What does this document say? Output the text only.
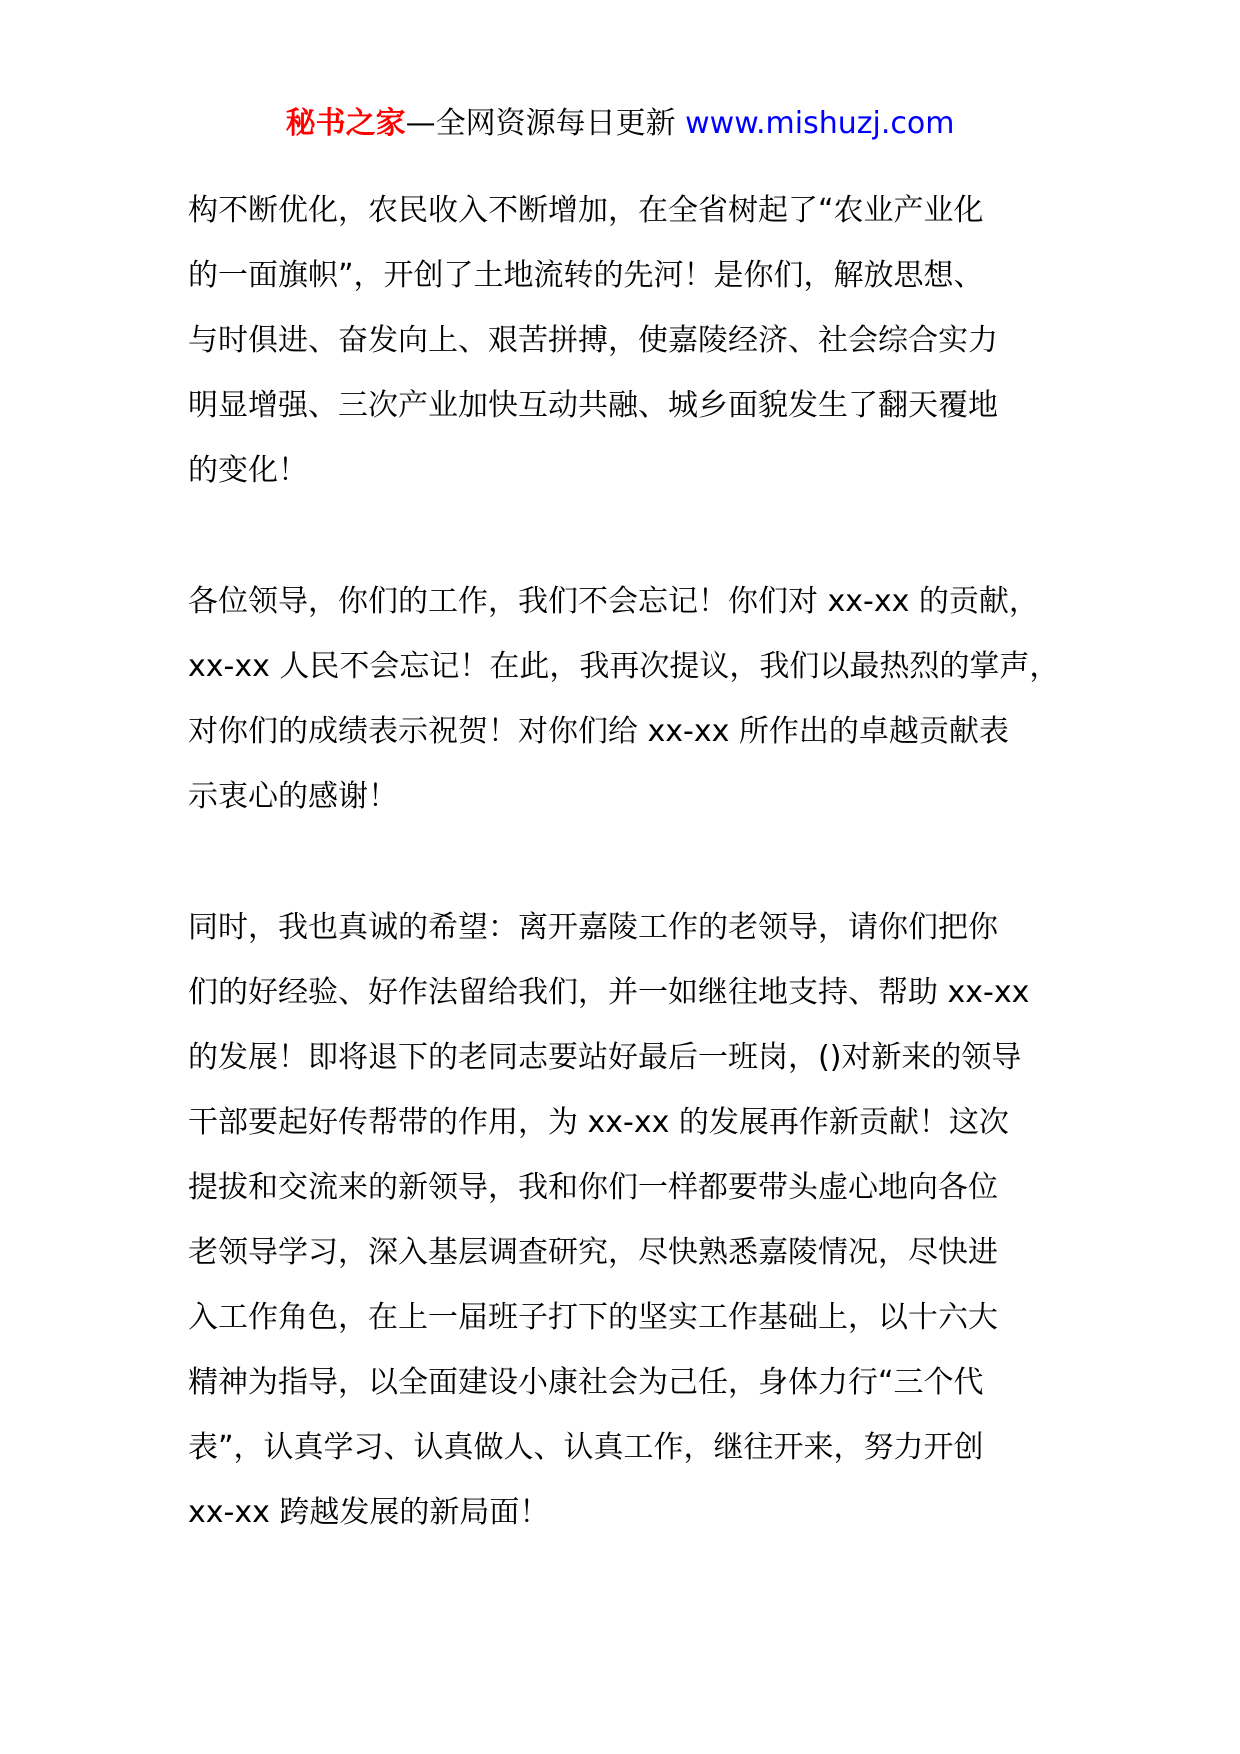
秘书之家—全网资源每日更新 www.mishuzj.com

构不断优化，农民收入不断增加，在全省树起了“农业产业化
的一面旗帜”，开创了土地流转的先河！是你们，解放思想、
与时俱进、奋发向上、艰苦拼搏，使嘉陵经济、社会综合实力
明显增强、三次产业加快互动共融、城乡面貌发生了翻天覆地
的变化！

各位领导，你们的工作，我们不会忘记！你们对 xx-xx 的贡献，
xx-xx 人民不会忘记！在此，我再次提议，我们以最热烈的掌声，
对你们的成绩表示祝贺！对你们给 xx-xx 所作出的卓越贡献表
示衷心的感谢！

同时，我也真诚的希望：离开嘉陵工作的老领导，请你们把你
们的好经验、好作法留给我们，并一如继往地支持、帮助 xx-xx
的发展！即将退下的老同志要站好最后一班岗，()对新来的领导
干部要起好传帮带的作用，为 xx-xx 的发展再作新贡献！这次
提拔和交流来的新领导，我和你们一样都要带头虚心地向各位
老领导学习，深入基层调查研究，尽快熟悉嘉陵情况，尽快进
入工作角色，在上一届班子打下的坚实工作基础上，以十六大
精神为指导，以全面建设小康社会为己任，身体力行“三个代
表”，认真学习、认真做人、认真工作，继往开来，努力开创
xx-xx 跨越发展的新局面！
